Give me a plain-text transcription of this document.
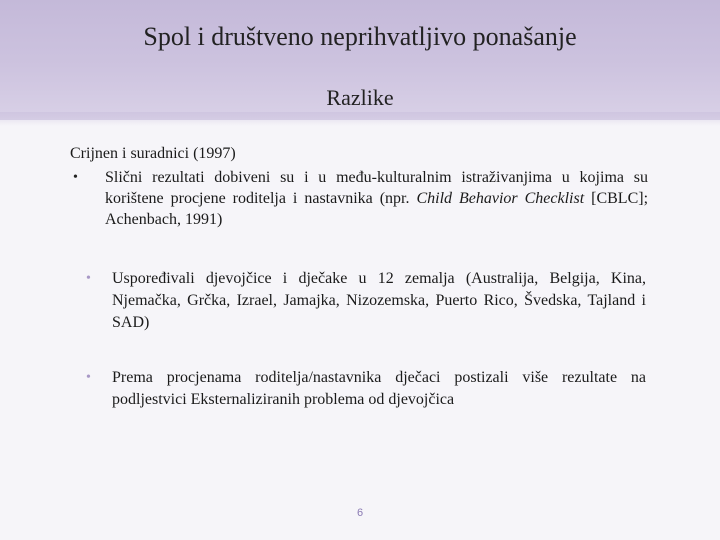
Spol i društveno neprihvatljivo ponašanje
Razlike

Crijnen i suradnici (1997)

• Slični rezultati dobiveni su i u među-kulturalnim istraživanjima u kojima su korištene procjene roditelja i nastavnika (npr. Child Behavior Checklist [CBLC]; Achenbach, 1991)

• Uspoređivali djevojčice i dječake u 12 zemalja (Australija, Belgija, Kina, Njemačka, Grčka, Izrael, Jamajka, Nizozemska, Puerto Rico, Švedska, Tajland i SAD)
• Prema procjenama roditelja/nastavnika dječaci postizali više rezultate na podljestvici Eksternaliziranih problema od djevojčica
6
